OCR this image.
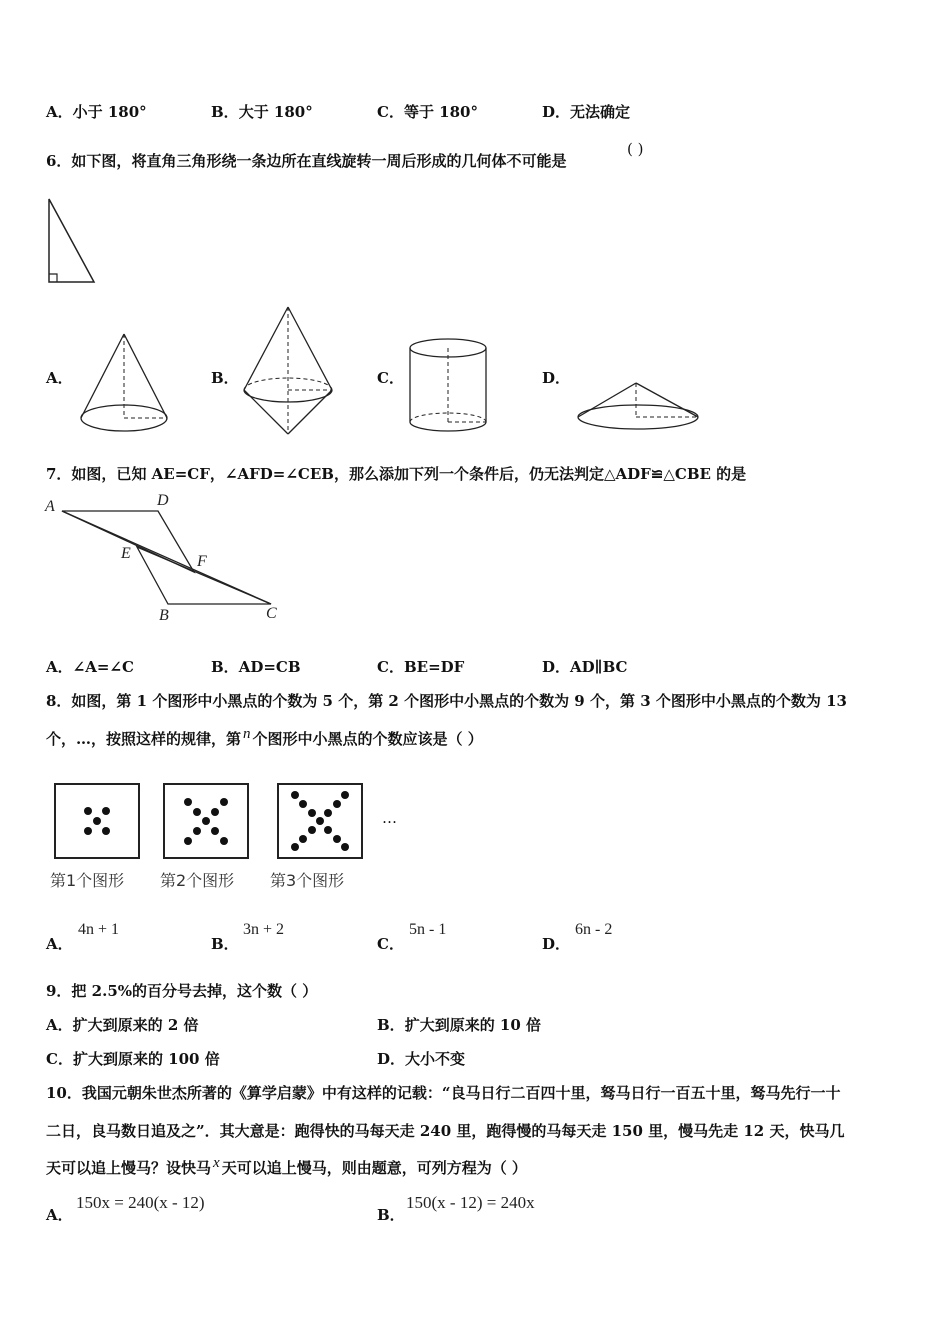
A．小于 180°	B．大于 180°	C．等于 180°	D．无法确定
6．如下图，将直角三角形绕一条边所在直线旋转一周后形成的几何体不可能是
( )
A．	B．	C．	D．
7．如图，已知 AE=CF，∠AFD=∠CEB，那么添加下列一个条件后，仍无法判定△ADF≌△CBE 的是
A	D
E	F
B	C
A．∠A=∠C	B．AD=CB	C．BE=DF	D．AD∥BC
8．如图，第 1 个图形中小黑点的个数为 5 个，第 2 个图形中小黑点的个数为 9 个，第 3 个图形中小黑点的个数为 13
个，…，按照这样的规律，第 n 个图形中小黑点的个数应该是（ ）
…
第1个图形 第2个图形 第3个图形
A．
4n + 1
B．
3n + 2
C．
5n - 1
D．
6n - 2
9．把 2.5%的百分号去掉，这个数（ ）
A．扩大到原来的 2 倍	B．扩大到原来的 10 倍
C．扩大到原来的 100 倍	D．大小不变
10．我国元朝朱世杰所著的《算学启蒙》中有这样的记载：“良马日行二百四十里，驽马日行一百五十里，驽马先行一十
二日，良马数日追及之”．其大意是：跑得快的马每天走 240 里，跑得慢的马每天走 150 里，慢马先走 12 天，快马几
天可以追上慢马？设快马 x 天可以追上慢马，则由题意，可列方程为（ ）
A．
150x = 240(x - 12)
B．
150(x - 12) = 240x
